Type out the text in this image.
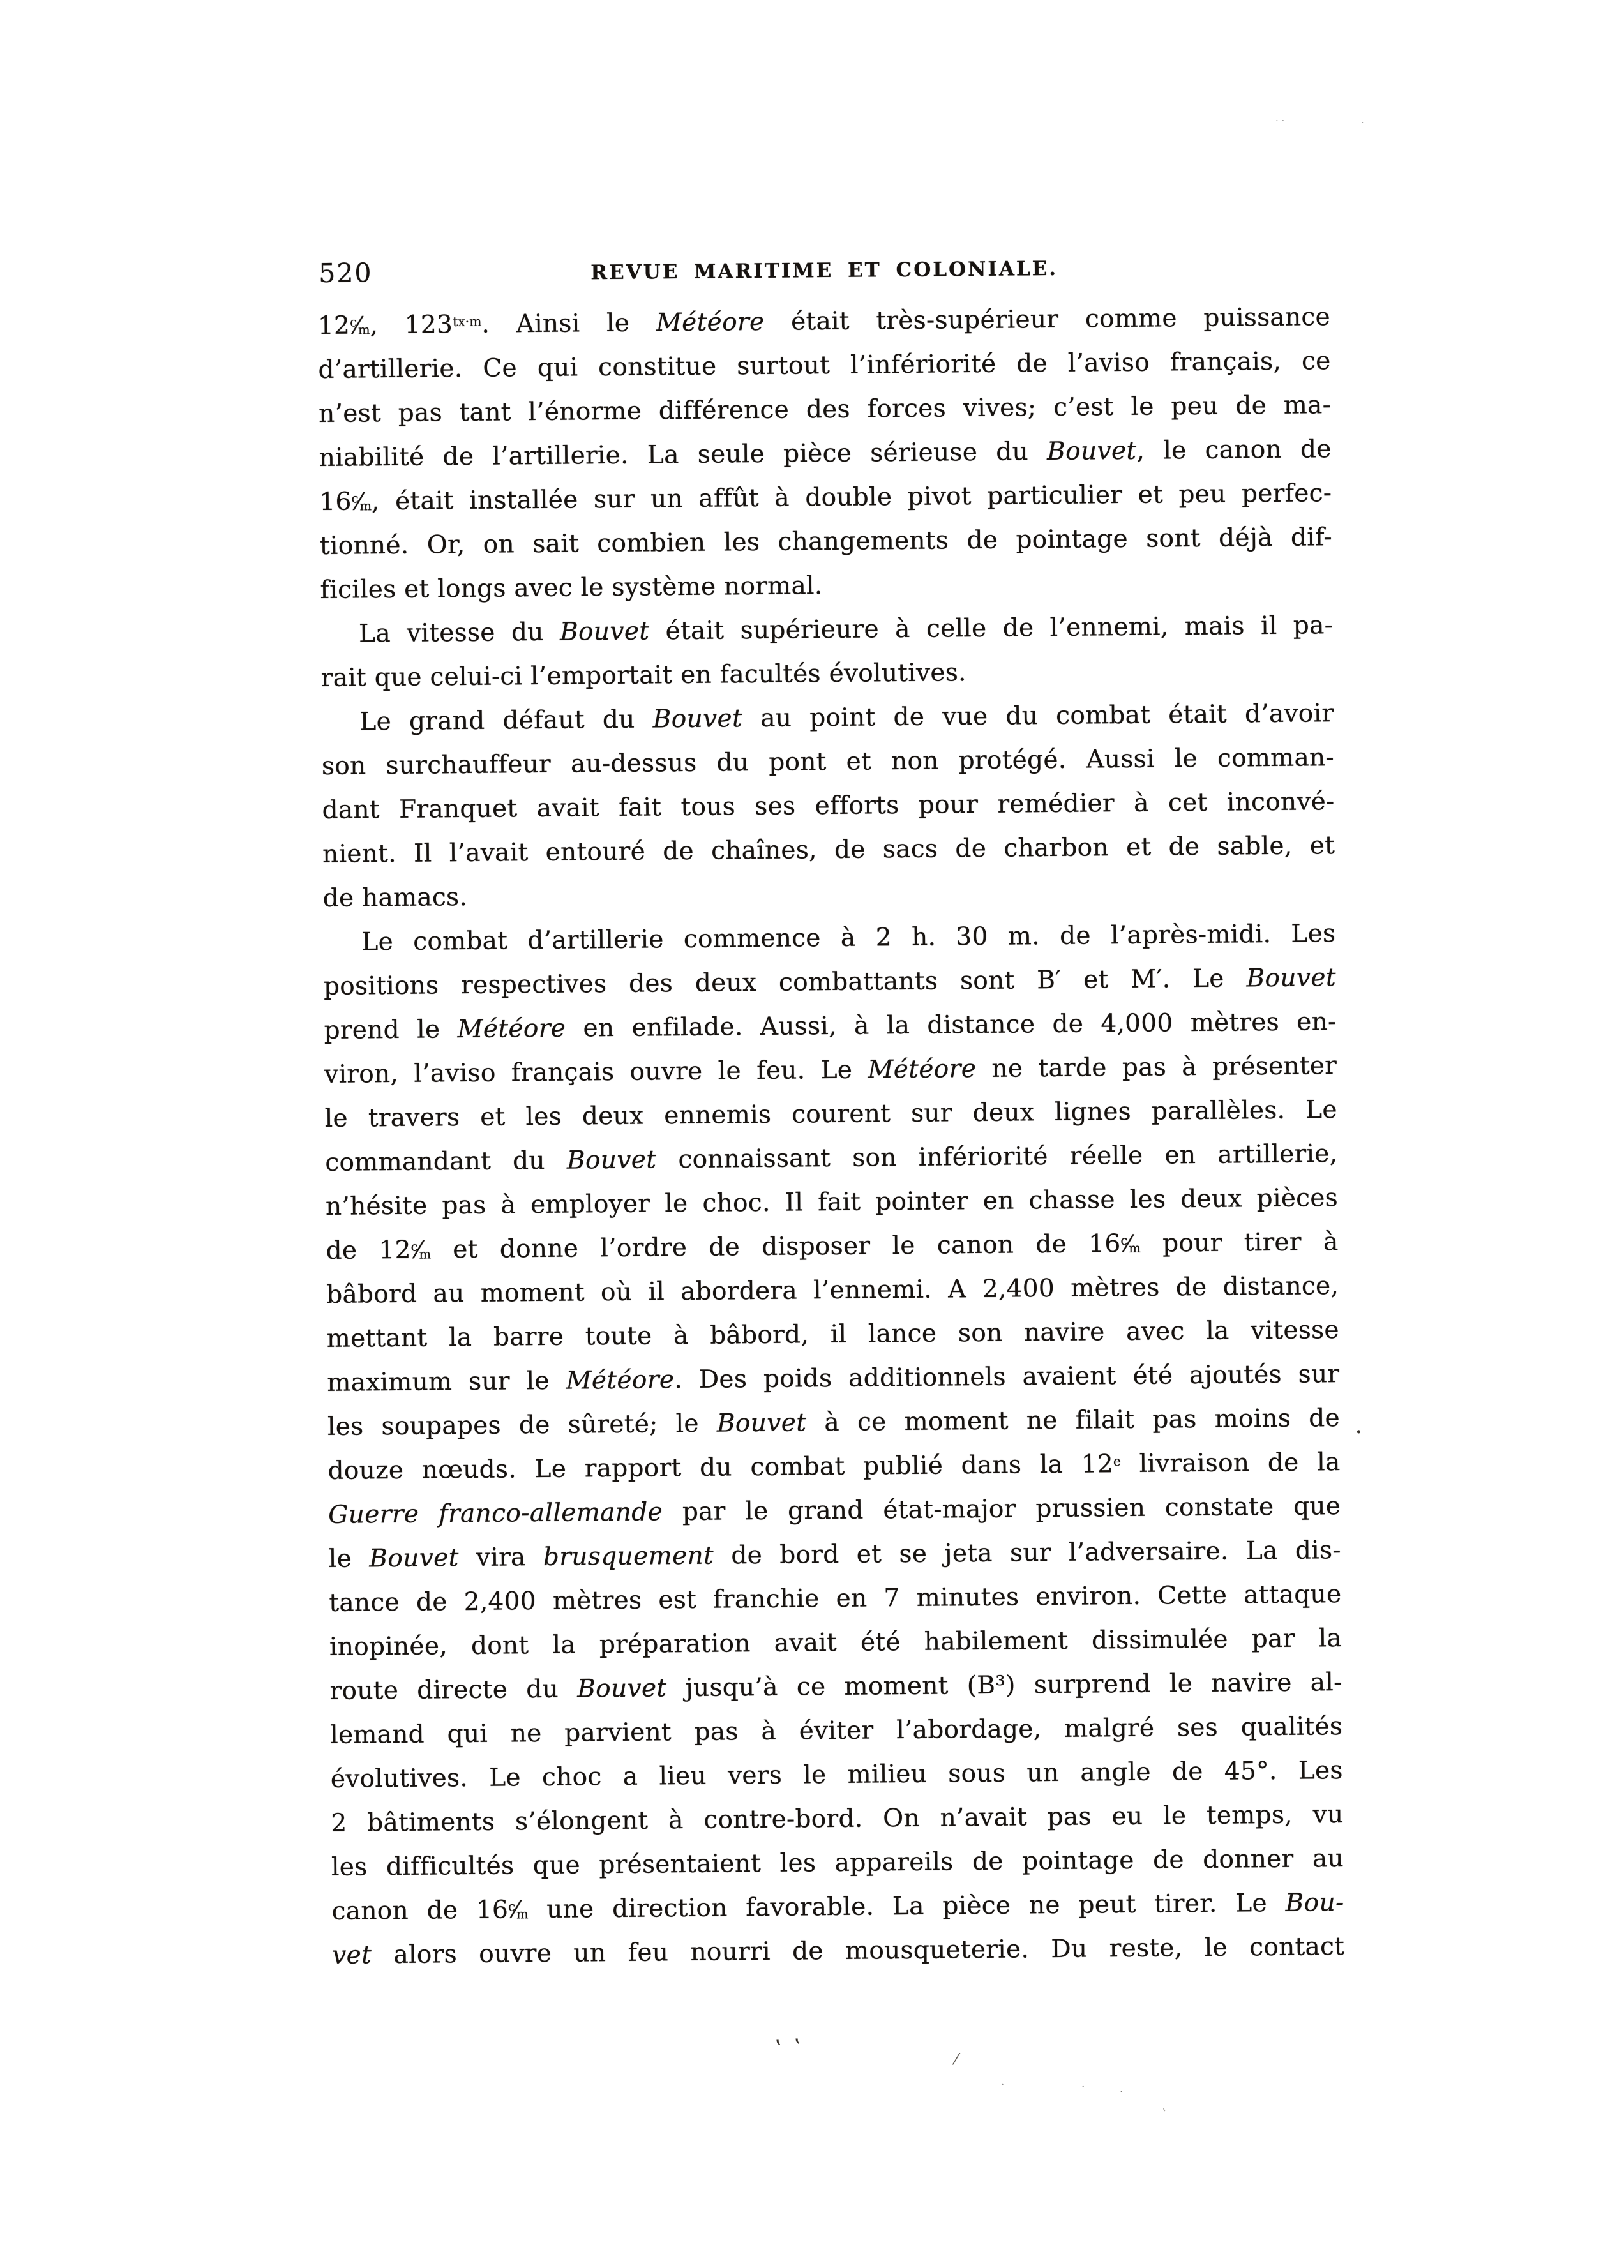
520	REVUE MARITIME ET COLONIALE.
$12^c⁄_m$, $123^{tx\cdot m}$. Ainsi le Météore était très-supérieur comme puissance
d’artillerie. Ce qui constitue surtout l’infériorité de l’aviso français, ce
n’est pas tant l’énorme différence des forces vives; c’est le peu de ma-
niabilité de l’artillerie. La seule pièce sérieuse du Bouvet, le canon de
$16^c⁄_m$, était installée sur un affût à double pivot particulier et peu perfec-
tionné. Or, on sait combien les changements de pointage sont déjà dif-
ficiles et longs avec le système normal.
La vitesse du Bouvet était supérieure à celle de l’ennemi, mais il pa-
rait que celui-ci l’emportait en facultés évolutives.
Le grand défaut du Bouvet au point de vue du combat était d’avoir
son surchauffeur au-dessus du pont et non protégé. Aussi le comman-
dant Franquet avait fait tous ses efforts pour remédier à cet inconvé-
nient. Il l’avait entouré de chaînes, de sacs de charbon et de sable, et
de hamacs.
Le combat d’artillerie commence à 2 h. 30 m. de l’après-midi. Les
positions respectives des deux combattants sont B′ et M′. Le Bouvet
prend le Météore en enfilade. Aussi, à la distance de 4,000 mètres en-
viron, l’aviso français ouvre le feu. Le Météore ne tarde pas à présenter
le travers et les deux ennemis courent sur deux lignes parallèles. Le
commandant du Bouvet connaissant son infériorité réelle en artillerie,
n’hésite pas à employer le choc. Il fait pointer en chasse les deux pièces
de $12^c⁄_m$ et donne l’ordre de disposer le canon de $16^c⁄_m$ pour tirer à
bâbord au moment où il abordera l’ennemi. A 2,400 mètres de distance,
mettant la barre toute à bâbord, il lance son navire avec la vitesse
maximum sur le Météore. Des poids additionnels avaient été ajoutés sur
les soupapes de sûreté; le Bouvet à ce moment ne filait pas moins de
douze nœuds. Le rapport du combat publié dans la 12e livraison de la
Guerre franco-allemande par le grand état-major prussien constate que
le Bouvet vira brusquement de bord et se jeta sur l’adversaire. La dis-
tance de 2,400 mètres est franchie en 7 minutes environ. Cette attaque
inopinée, dont la préparation avait été habilement dissimulée par la
route directe du Bouvet jusqu’à ce moment (B³) surprend le navire al-
lemand qui ne parvient pas à éviter l’abordage, malgré ses qualités
évolutives. Le choc a lieu vers le milieu sous un angle de 45°. Les
2 bâtiments s’élongent à contre-bord. On n’avait pas eu le temps, vu
les difficultés que présentaient les appareils de pointage de donner au
canon de $16^c⁄_m$ une direction favorable. La pièce ne peut tirer. Le Bou-
vet alors ouvre un feu nourri de mousqueterie. Du reste, le contact
· ·	·
.
‛ ‛	⁄
·	·	·
ʽ
